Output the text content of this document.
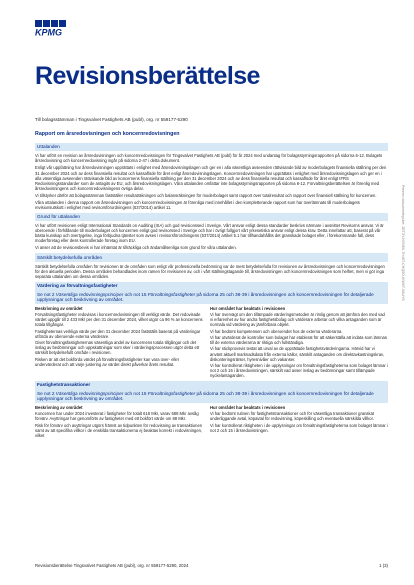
KPMG
Revisionsberättelse
Till bolagsstämman i Tingsvalvet Fastighets AB (publ), org. nr 559177-5290
Rapport om årsredovisningen och koncernredovisningen
Uttalanden

Vi har utfört en revision av årsredovisningen och koncernredovisningen för Tingsvalvet Fastighets AB (publ) för år 2024 med undantag för bolagsstyrningsrapporten på sidorna 6-12. Bolagets årsredovisning och koncernredovisning ingår på sidorna 2-47 i detta dokument.

Enligt vår uppfattning har årsredovisningen upprättats i enlighet med årsredovisningslagen och ger en i alla väsentliga avseenden rättvisande bild av moderbolagets finansiella ställning per den 31 december 2024 och av dess finansiella resultat och kassaflöde för året enligt årsredovisningslagen. Koncernredovisningen har upprättats i enlighet med årsredovisningslagen och ger en i alla väsentliga avseenden rättvisande bild av koncernens finansiella ställning per den 31 december 2024 och av dess finansiella resultat och kassaflöde för året enligt IFRS Redovisningsstandarder som de antagits av EU, och årsredovisningslagen. Våra uttalanden omfattar inte bolagsstyrningsrapporten på sidorna 6-12. Förvaltningsberättelsen är förenlig med årsredovisningens och koncernredovisningens övriga delar.

Vi tillstyrker därför att bolagsstämman fastställer resultaträkningen och balansräkningen för moderbolaget samt rapport över totalresultat och rapport över finansiell ställning för koncernen.

Våra uttalanden i denna rapport om årsredovisningen och koncernredovisningen är förenliga med innehållet i den kompletterande rapport som har överlämnats till moderbolagets revisionsutskott i enlighet med revisorsförordningens (537/2014) artikel 11.

Grund för uttalanden

Vi har utfört revisionen enligt International Standards on Auditing (ISA) och god revisionssed i Sverige. Vårt ansvar enligt dessa standarder beskrivs närmare i avsnittet Revisorns ansvar. Vi är oberoende i förhållande till moderbolaget och koncernen enligt god revisorssed i Sverige och har i övrigt fullgjort vårt yrkesetiska ansvar enligt dessa krav. Detta innefattar att, baserat på vår bästa kunskap och övertygelse, inga förbjudna tjänster som avses i revisorsförordningens (537/2014) artikel 5.1 har tillhandahållits det granskade bolaget eller, i förekommande fall, dess moderföretag eller dess kontrollerade företag inom EU.

Vi anser att de revisionsbevis vi har inhämtat är tillräckliga och ändamålsenliga som grund för våra uttalanden.

Särskilt betydelsefulla områden

Särskilt betydelsefulla områden för revisionen är de områden som enligt vår professionella bedömning var de mest betydelsefulla för revisionen av årsredovisningen och koncernredovisningen för den aktuella perioden. Dessa områden behandlades inom ramen för revisionen av, och i vårt ställningstagande till, årsredovisningen och koncernredovisningen som helhet, men vi gör inga separata uttalanden om dessa områden.

Värdering av förvaltningsfastigheter
Se not 2 Väsentliga redovisningsprinciper och not 15 Förvaltningsfastigheter på sidorna 25 och 38-39 i årsredovisningen och koncernredovisningen för detaljerade upplysningar och beskrivning av området.
Beskrivning av området

Förvaltningsfastigheter redovisas i koncernredovisningen till verkligt värde. Det redovisade värdet uppgår till 2 433 Mkr per den 31 december 2024, vilket utgör ca 96 % av koncernens totala tillgångar.

Fastigheternas verkliga värde per den 31 december 2024 fastställs baserat på värderingar utförda av oberoende externa värderare.

Givet förvaltningsfastigheternas väsentliga andel av koncernens totala tillgångar och det inslag av bedömningar och uppskattningar som sker i värderingsprocessen utgör detta ett särskilt betydelsefullt område i revisionen.

Risken är att det bokförda värdet på förvaltningsfastigheter kan vara över- eller undervärderat och att varje justering av värdet direkt påverkar årets resultat.

Hur området har beaktats i revisionen

Vi har övervägt om den tillämpade värderingsmetoden är rimlig genom att jämföra den med vad vi erfarenhet av hur andra fastighetsbolag och värderare arbetar och vilka antaganden som är normala vid värdering av jämförbara objekt.

Vi har bedömt kompetensen och oberoendet hos de externa värderarna.

Vi har utvärderat de kontroller som bolaget har etablerat för att säkerställa att indata som lämnas till de externa värderarna är riktiga och fullständiga.

Vi har stickprovsvis testat att urval av de upprättade fastighetsvärderingarna. Härvid har vi använt aktuell marknadsdata från externa källor, särskilt antaganden om direktavkastningskrav, diskonteringsränter, hyresnivåer och vakanser.

Vi har kontrollerat riktigheten i de upplysningar om förvaltningsfastigheterna som bolaget lämnar i not 2 och 15 i årsredovisningen, särskilt vad avser inslag av bedömningar samt tillämpade nyckelantaganden.

Fastighetstransaktioner
Se not 2 Väsentliga redovisningsprinciper och not 15 Förvaltningsfastigheter på sidorna 25 och 38-39 i årsredovisningen och koncernredovisningen för detaljerade upplysningar och beskrivning av området.
Beskrivning av området

Koncernen har under 2024 investerat i fastigheter för totalt 618 Mkr, varav 588 Mkr avsåg förvärv. Avyttringar har genomförts av fastigheter med ett bokfört värde om 88 Mkr.

Risk för förvärv och avyttringar utgörs främst av tidpunkten för redovisning av transaktionen samt av att specifika villkor i de enskilda transaktionerna ej beaktas korrekt i redovisningen, vilket

Hur området har beaktats i revisionen

Vi har bedömt rutinen för fastighetstransaktioner och för väsentliga transaktioner granskat underliggande avtal, köpavtal för redovisning, köpeskilling och eventuella särskilda villkor.

Vi har kontrollerat riktigheten i de upplysningar om förvaltningsfastigheterna som bolaget lämnar i not 2 och 15 i årsredovisningen.

Penneo dokumentnyckel: 2ET3Y-NYN6X-7H46T-CHQ5O-IKW0T-9AUY8
Revisionsberättelse Tingsvalvet Fastighets AB (publ), org. nr 559177-5290, 2024	1 (3)
